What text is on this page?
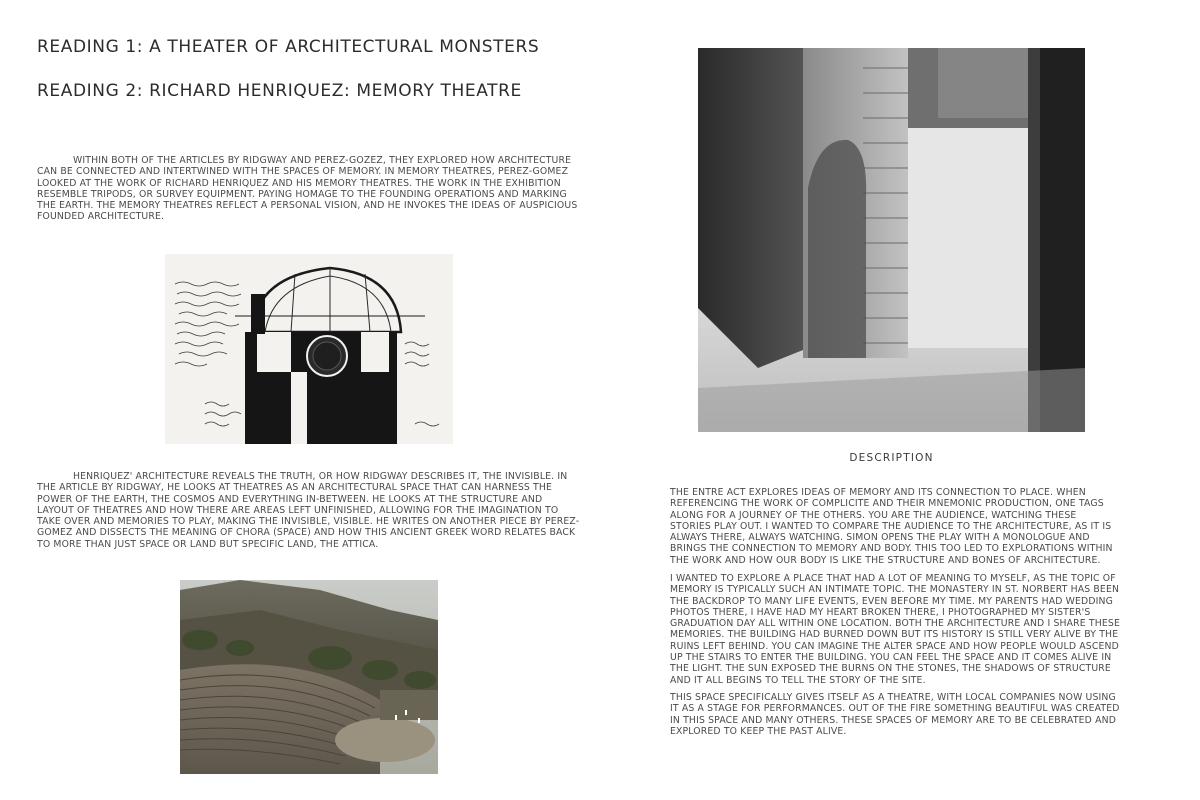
READING 1: A THEATER OF ARCHITECTURAL MONSTERS
READING 2: RICHARD HENRIQUEZ: MEMORY THEATRE

WITHIN BOTH OF THE ARTICLES BY RIDGWAY AND PEREZ-GOZEZ, THEY EXPLORED HOW ARCHITECTURE CAN BE CONNECTED AND INTERTWINED WITH THE SPACES OF MEMORY. IN MEMORY THEATRES, PEREZ-GOMEZ LOOKED AT THE WORK OF RICHARD HENRIQUEZ AND HIS MEMORY THEATRES. THE WORK IN THE EXHIBITION RESEMBLE TRIPODS, OR SURVEY EQUIPMENT. PAYING HOMAGE TO THE FOUNDING OPERATIONS AND MARKING THE EARTH. THE MEMORY THEATRES REFLECT A PERSONAL VISION, AND HE INVOKES THE IDEAS OF AUSPICIOUS FOUNDED ARCHITECTURE.

HENRIQUEZ' ARCHITECTURE REVEALS THE TRUTH, OR HOW RIDGWAY DESCRIBES IT, THE INVISIBLE. IN THE ARTICLE BY RIDGWAY, HE LOOKS AT THEATRES AS AN ARCHITECTURAL SPACE THAT CAN HARNESS THE POWER OF THE EARTH, THE COSMOS AND EVERYTHING IN-BETWEEN. HE LOOKS AT THE STRUCTURE AND LAYOUT OF THEATRES AND HOW THERE ARE AREAS LEFT UNFINISHED, ALLOWING FOR THE IMAGINATION TO TAKE OVER AND MEMORIES TO PLAY, MAKING THE INVISIBLE, VISIBLE. HE WRITES ON ANOTHER PIECE BY PEREZ-GOMEZ AND DISSECTS THE MEANING OF CHORA (SPACE) AND HOW THIS ANCIENT GREEK WORD RELATES BACK TO MORE THAN JUST SPACE OR LAND BUT SPECIFIC LAND, THE ATTICA.

DESCRIPTION

THE ENTRE ACT EXPLORES IDEAS OF MEMORY AND ITS CONNECTION TO PLACE. WHEN REFERENCING THE WORK OF COMPLICITE AND THEIR MNEMONIC PRODUCTION, ONE TAGS ALONG FOR A JOURNEY OF THE OTHERS. YOU ARE THE AUDIENCE, WATCHING THESE STORIES PLAY OUT. I WANTED TO COMPARE THE AUDIENCE TO THE ARCHITECTURE, AS IT IS ALWAYS THERE, ALWAYS WATCHING. SIMON OPENS THE PLAY WITH A MONOLOGUE AND BRINGS THE CONNECTION TO MEMORY AND BODY. THIS TOO LED TO EXPLORATIONS WITHIN THE WORK AND HOW OUR BODY IS LIKE THE STRUCTURE AND BONES OF ARCHITECTURE.

I WANTED TO EXPLORE A PLACE THAT HAD A LOT OF MEANING TO MYSELF, AS THE TOPIC OF MEMORY IS TYPICALLY SUCH AN INTIMATE TOPIC. THE MONASTERY IN ST. NORBERT HAS BEEN THE BACKDROP TO MANY LIFE EVENTS, EVEN BEFORE MY TIME. MY PARENTS HAD WEDDING PHOTOS THERE, I HAVE HAD MY HEART BROKEN THERE, I PHOTOGRAPHED MY SISTER'S GRADUATION DAY ALL WITHIN ONE LOCATION. BOTH THE ARCHITECTURE AND I SHARE THESE MEMORIES. THE BUILDING HAD BURNED DOWN BUT ITS HISTORY IS STILL VERY ALIVE BY THE RUINS LEFT BEHIND. YOU CAN IMAGINE THE ALTER SPACE AND HOW PEOPLE WOULD ASCEND UP THE STAIRS TO ENTER THE BUILDING. YOU CAN FEEL THE SPACE AND IT COMES ALIVE IN THE LIGHT. THE SUN EXPOSED THE BURNS ON THE STONES, THE SHADOWS OF STRUCTURE AND IT ALL BEGINS TO TELL THE STORY OF THE SITE.

THIS SPACE SPECIFICALLY GIVES ITSELF AS A THEATRE, WITH LOCAL COMPANIES NOW USING IT AS A STAGE FOR PERFORMANCES. OUT OF THE FIRE SOMETHING BEAUTIFUL WAS CREATED IN THIS SPACE AND MANY OTHERS. THESE SPACES OF MEMORY ARE TO BE CELEBRATED AND EXPLORED TO KEEP THE PAST ALIVE.
